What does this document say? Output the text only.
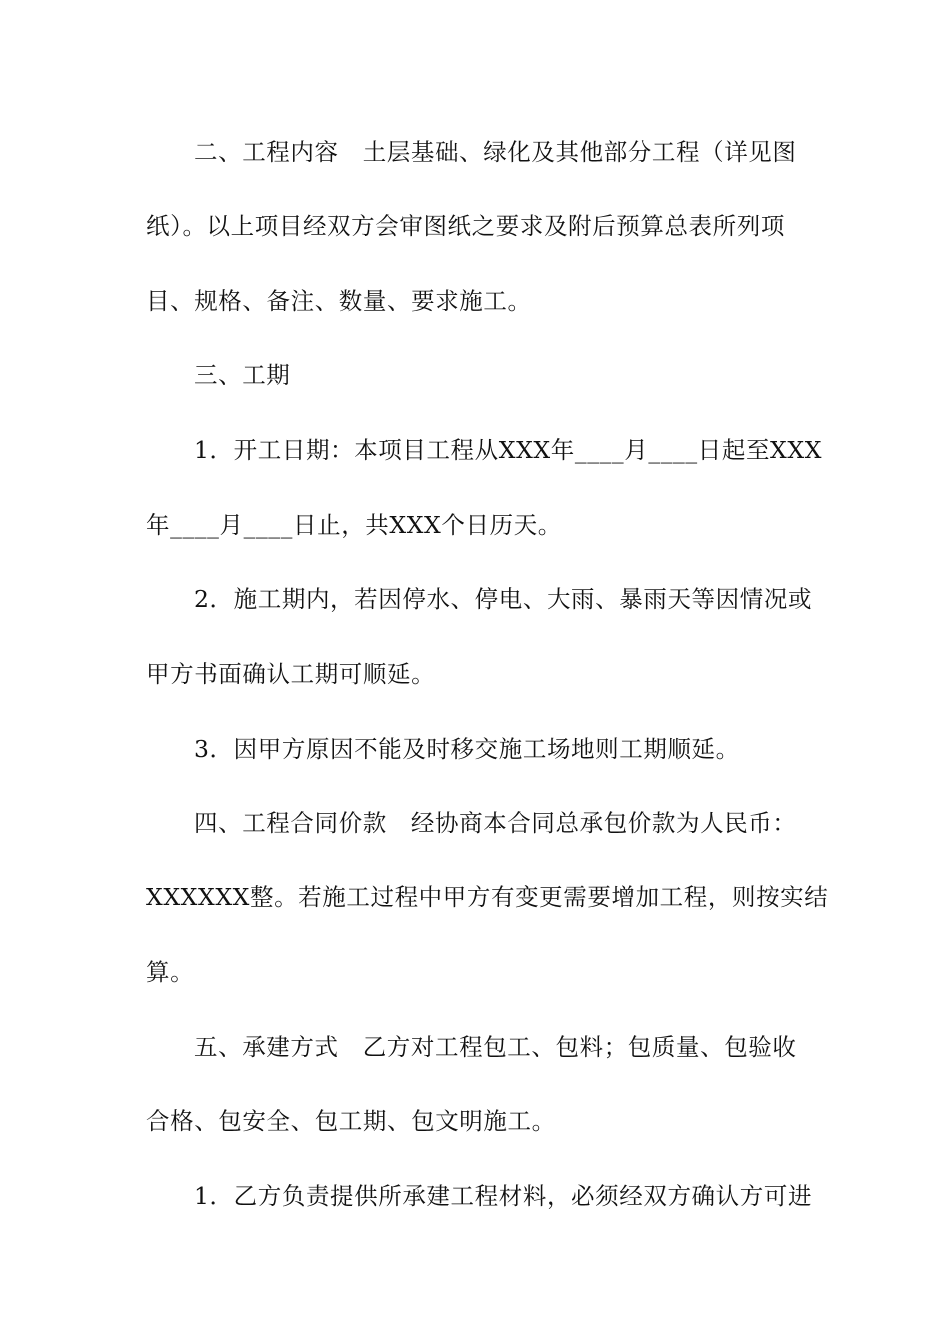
二、工程内容　土层基础、绿化及其他部分工程（详见图
纸）。以上项目经双方会审图纸之要求及附后预算总表所列项
目、规格、备注、数量、要求施工。
三、工期
1．开工日期：本项目工程从XXX年____月____日起至XXX
年____月____日止，共XXX个日历天。
2．施工期内，若因停水、停电、大雨、暴雨天等因情况或
甲方书面确认工期可顺延。
3．因甲方原因不能及时移交施工场地则工期顺延。
四、工程合同价款　经协商本合同总承包价款为人民币：
XXXXXX整。若施工过程中甲方有变更需要增加工程，则按实结
算。
五、承建方式　乙方对工程包工、包料；包质量、包验收
合格、包安全、包工期、包文明施工。
1．乙方负责提供所承建工程材料，必须经双方确认方可进
